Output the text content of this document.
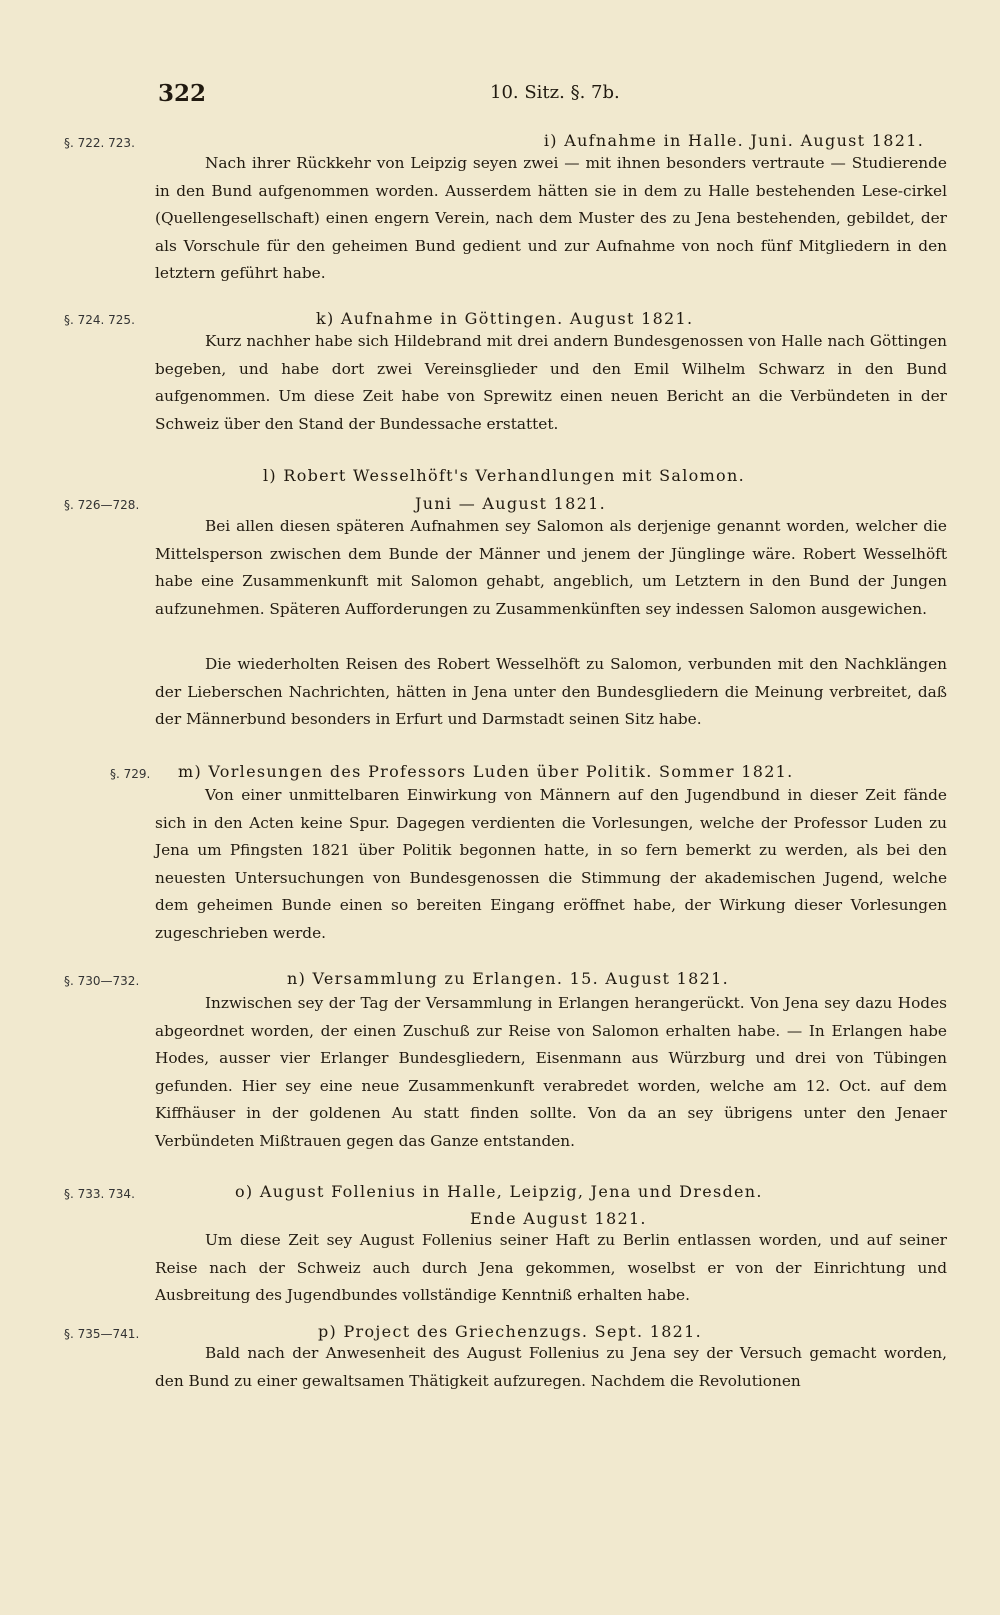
322	10. Sitz. §. 7b.
§. 722. 723.	i) Aufnahme in Halle. Juni. August 1821.

Nach ihrer Rückkehr von Leipzig seyen zwei — mit ihnen besonders vertraute — Studierende in den Bund aufgenommen worden. Ausserdem hätten sie in dem zu Halle bestehenden Lese-cirkel (Quellengesellschaft) einen engern Verein, nach dem Muster des zu Jena bestehenden, gebildet, der als Vorschule für den geheimen Bund gedient und zur Aufnahme von noch fünf Mitgliedern in den letztern geführt habe.

§. 724. 725.	k) Aufnahme in Göttingen. August 1821.

Kurz nachher habe sich Hildebrand mit drei andern Bundesgenossen von Halle nach Göttingen begeben, und habe dort zwei Vereinsglieder und den Emil Wilhelm Schwarz in den Bund aufgenommen. Um diese Zeit habe von Sprewitz einen neuen Bericht an die Verbündeten in der Schweiz über den Stand der Bundessache erstattet.

§. 726—728.
l) Robert Wesselhöft's Verhandlungen mit Salomon.
Juni — August 1821.

Bei allen diesen späteren Aufnahmen sey Salomon als derjenige genannt worden, welcher die Mittelsperson zwischen dem Bunde der Männer und jenem der Jünglinge wäre. Robert Wesselhöft habe eine Zusammenkunft mit Salomon gehabt, angeblich, um Letztern in den Bund der Jungen aufzunehmen. Späteren Aufforderungen zu Zusammenkünften sey indessen Salomon ausgewichen.

Die wiederholten Reisen des Robert Wesselhöft zu Salomon, verbunden mit den Nachklängen der Lieberschen Nachrichten, hätten in Jena unter den Bundesgliedern die Meinung verbreitet, daß der Männerbund besonders in Erfurt und Darmstadt seinen Sitz habe.

§. 729. m) Vorlesungen des Professors Luden über Politik. Sommer 1821.

Von einer unmittelbaren Einwirkung von Männern auf den Jugendbund in dieser Zeit fände sich in den Acten keine Spur. Dagegen verdienten die Vorlesungen, welche der Professor Luden zu Jena um Pfingsten 1821 über Politik begonnen hatte, in so fern bemerkt zu werden, als bei den neuesten Untersuchungen von Bundesgenossen die Stimmung der akademischen Jugend, welche dem geheimen Bunde einen so bereiten Eingang eröffnet habe, der Wirkung dieser Vorlesungen zugeschrieben werde.

§. 730—732.	n) Versammlung zu Erlangen. 15. August 1821.

Inzwischen sey der Tag der Versammlung in Erlangen herangerückt. Von Jena sey dazu Hodes abgeordnet worden, der einen Zuschuß zur Reise von Salomon erhalten habe. — In Erlangen habe Hodes, ausser vier Erlanger Bundesgliedern, Eisenmann aus Würzburg und drei von Tübingen gefunden. Hier sey eine neue Zusammenkunft verabredet worden, welche am 12. Oct. auf dem Kiffhäuser in der goldenen Au statt finden sollte. Von da an sey übrigens unter den Jenaer Verbündeten Mißtrauen gegen das Ganze entstanden.

§. 733. 734.	o) August Follenius in Halle, Leipzig, Jena und Dresden.
Ende August 1821.

Um diese Zeit sey August Follenius seiner Haft zu Berlin entlassen worden, und auf seiner Reise nach der Schweiz auch durch Jena gekommen, woselbst er von der Einrichtung und Ausbreitung des Jugendbundes vollständige Kenntniß erhalten habe.

§. 735—741.	p) Project des Griechenzugs. Sept. 1821.

Bald nach der Anwesenheit des August Follenius zu Jena sey der Versuch gemacht worden, den Bund zu einer gewaltsamen Thätigkeit aufzuregen. Nachdem die Revolutionen
